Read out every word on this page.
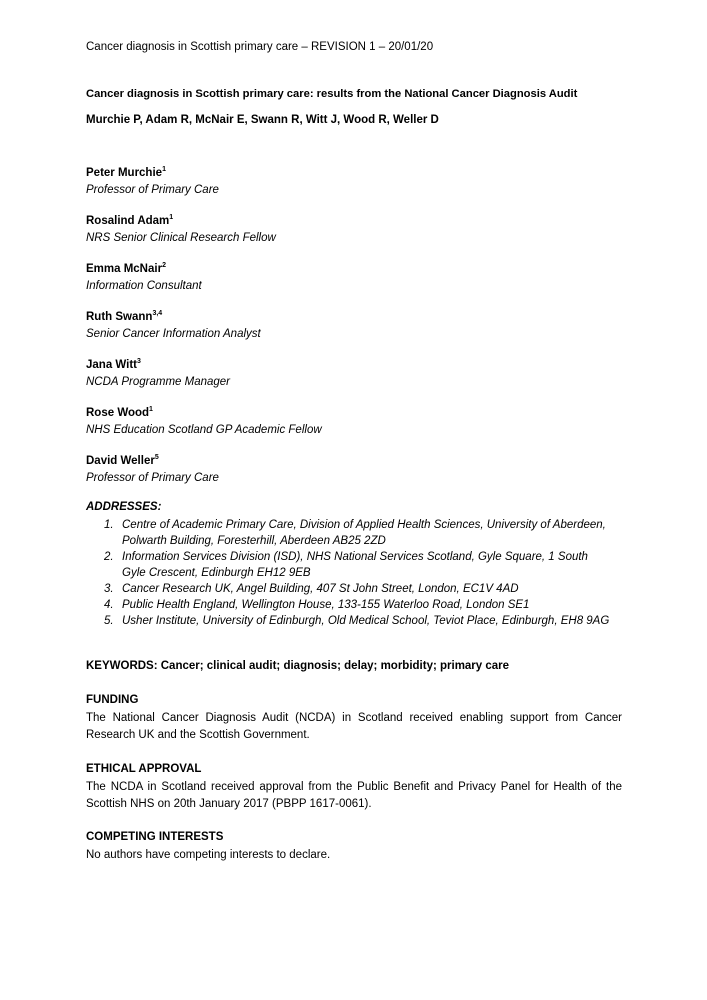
Cancer diagnosis in Scottish primary care – REVISION 1 – 20/01/20
Cancer diagnosis in Scottish primary care: results from the National Cancer Diagnosis Audit
Murchie P, Adam R, McNair E, Swann R, Witt J, Wood R, Weller D
Peter Murchie$^1$
Professor of Primary Care
Rosalind Adam$^1$
NRS Senior Clinical Research Fellow
Emma McNair$^2$
Information Consultant
Ruth Swann$^{3,4}$
Senior Cancer Information Analyst
Jana Witt$^3$
NCDA Programme Manager
Rose Wood$^1$
NHS Education Scotland GP Academic Fellow
David Weller$^5$
Professor of Primary Care
ADDRESSES:
1. Centre of Academic Primary Care, Division of Applied Health Sciences, University of Aberdeen, Polwarth Building, Foresterhill, Aberdeen AB25 2ZD
2. Information Services Division (ISD), NHS National Services Scotland, Gyle Square, 1 South Gyle Crescent, Edinburgh EH12 9EB
3. Cancer Research UK, Angel Building, 407 St John Street, London, EC1V 4AD
4. Public Health England, Wellington House, 133-155 Waterloo Road, London SE1
5. Usher Institute, University of Edinburgh, Old Medical School, Teviot Place, Edinburgh, EH8 9AG
KEYWORDS: Cancer; clinical audit; diagnosis; delay; morbidity; primary care
FUNDING
The National Cancer Diagnosis Audit (NCDA) in Scotland received enabling support from Cancer Research UK and the Scottish Government.
ETHICAL APPROVAL
The NCDA in Scotland received approval from the Public Benefit and Privacy Panel for Health of the Scottish NHS on 20th January 2017 (PBPP 1617-0061).
COMPETING INTERESTS
No authors have competing interests to declare.
